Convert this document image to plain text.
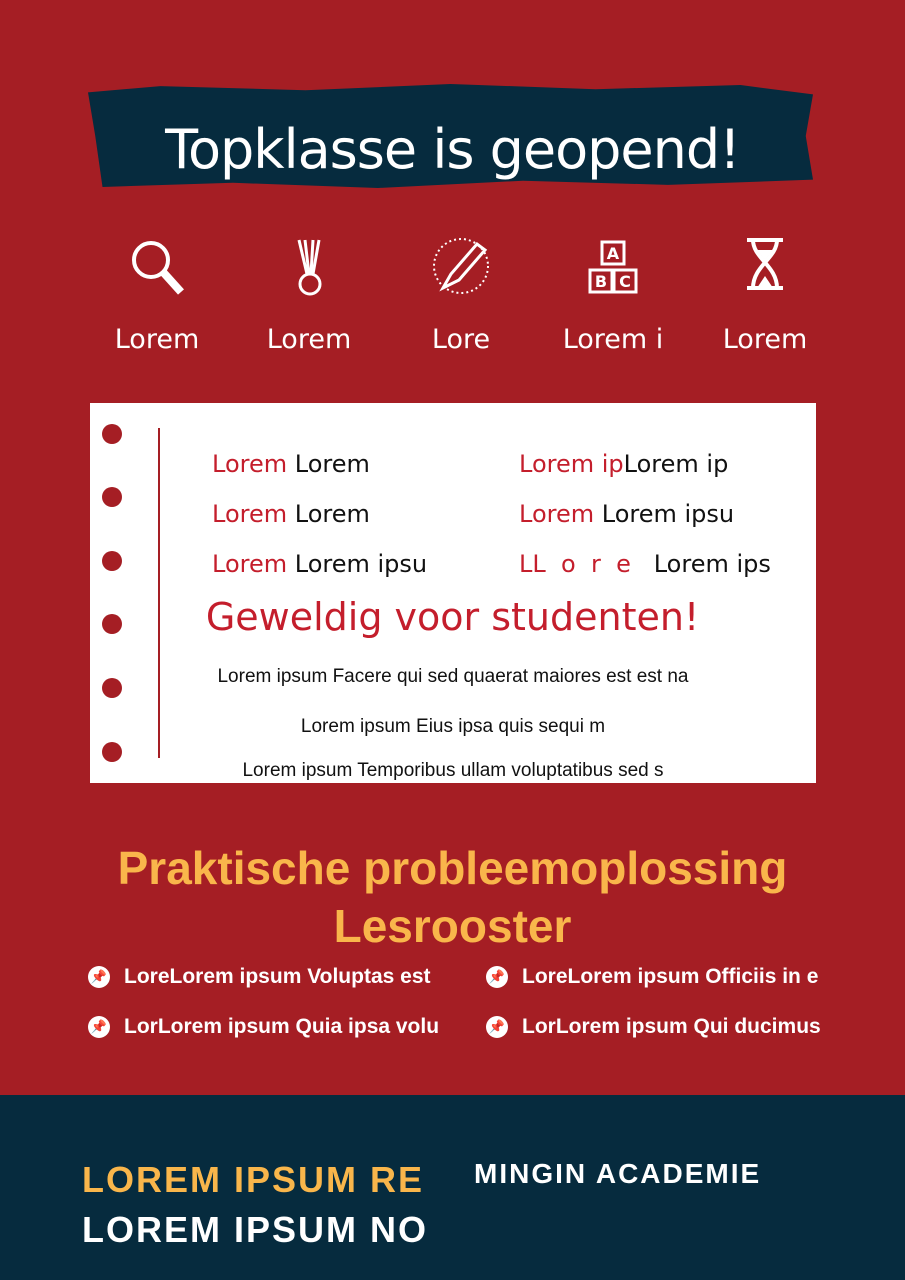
Topklasse is geopend!
Lorem	Lorem	Lore
A
B C
Lorem i	Lorem
Lorem Lorem	Lorem ipLorem ip
Lorem Lorem	Lorem Lorem ipsu
Lorem Lorem ipsu	LL  o  r  e   Lorem ips
Geweldig voor studenten!
Lorem ipsum Facere qui sed quaerat maiores est est na
Lorem ipsum Eius ipsa quis sequi m
Lorem ipsum Temporibus ullam voluptatibus sed s
Praktische probleemoplossing
Lesrooster
📌 LoreLorem ipsum Voluptas est	📌 LoreLorem ipsum Officiis in e
📌 LorLorem ipsum Quia ipsa volu	📌 LorLorem ipsum Qui ducimus
LOREM IPSUM RE MINGIN ACADEMIE
LOREM IPSUM NO
